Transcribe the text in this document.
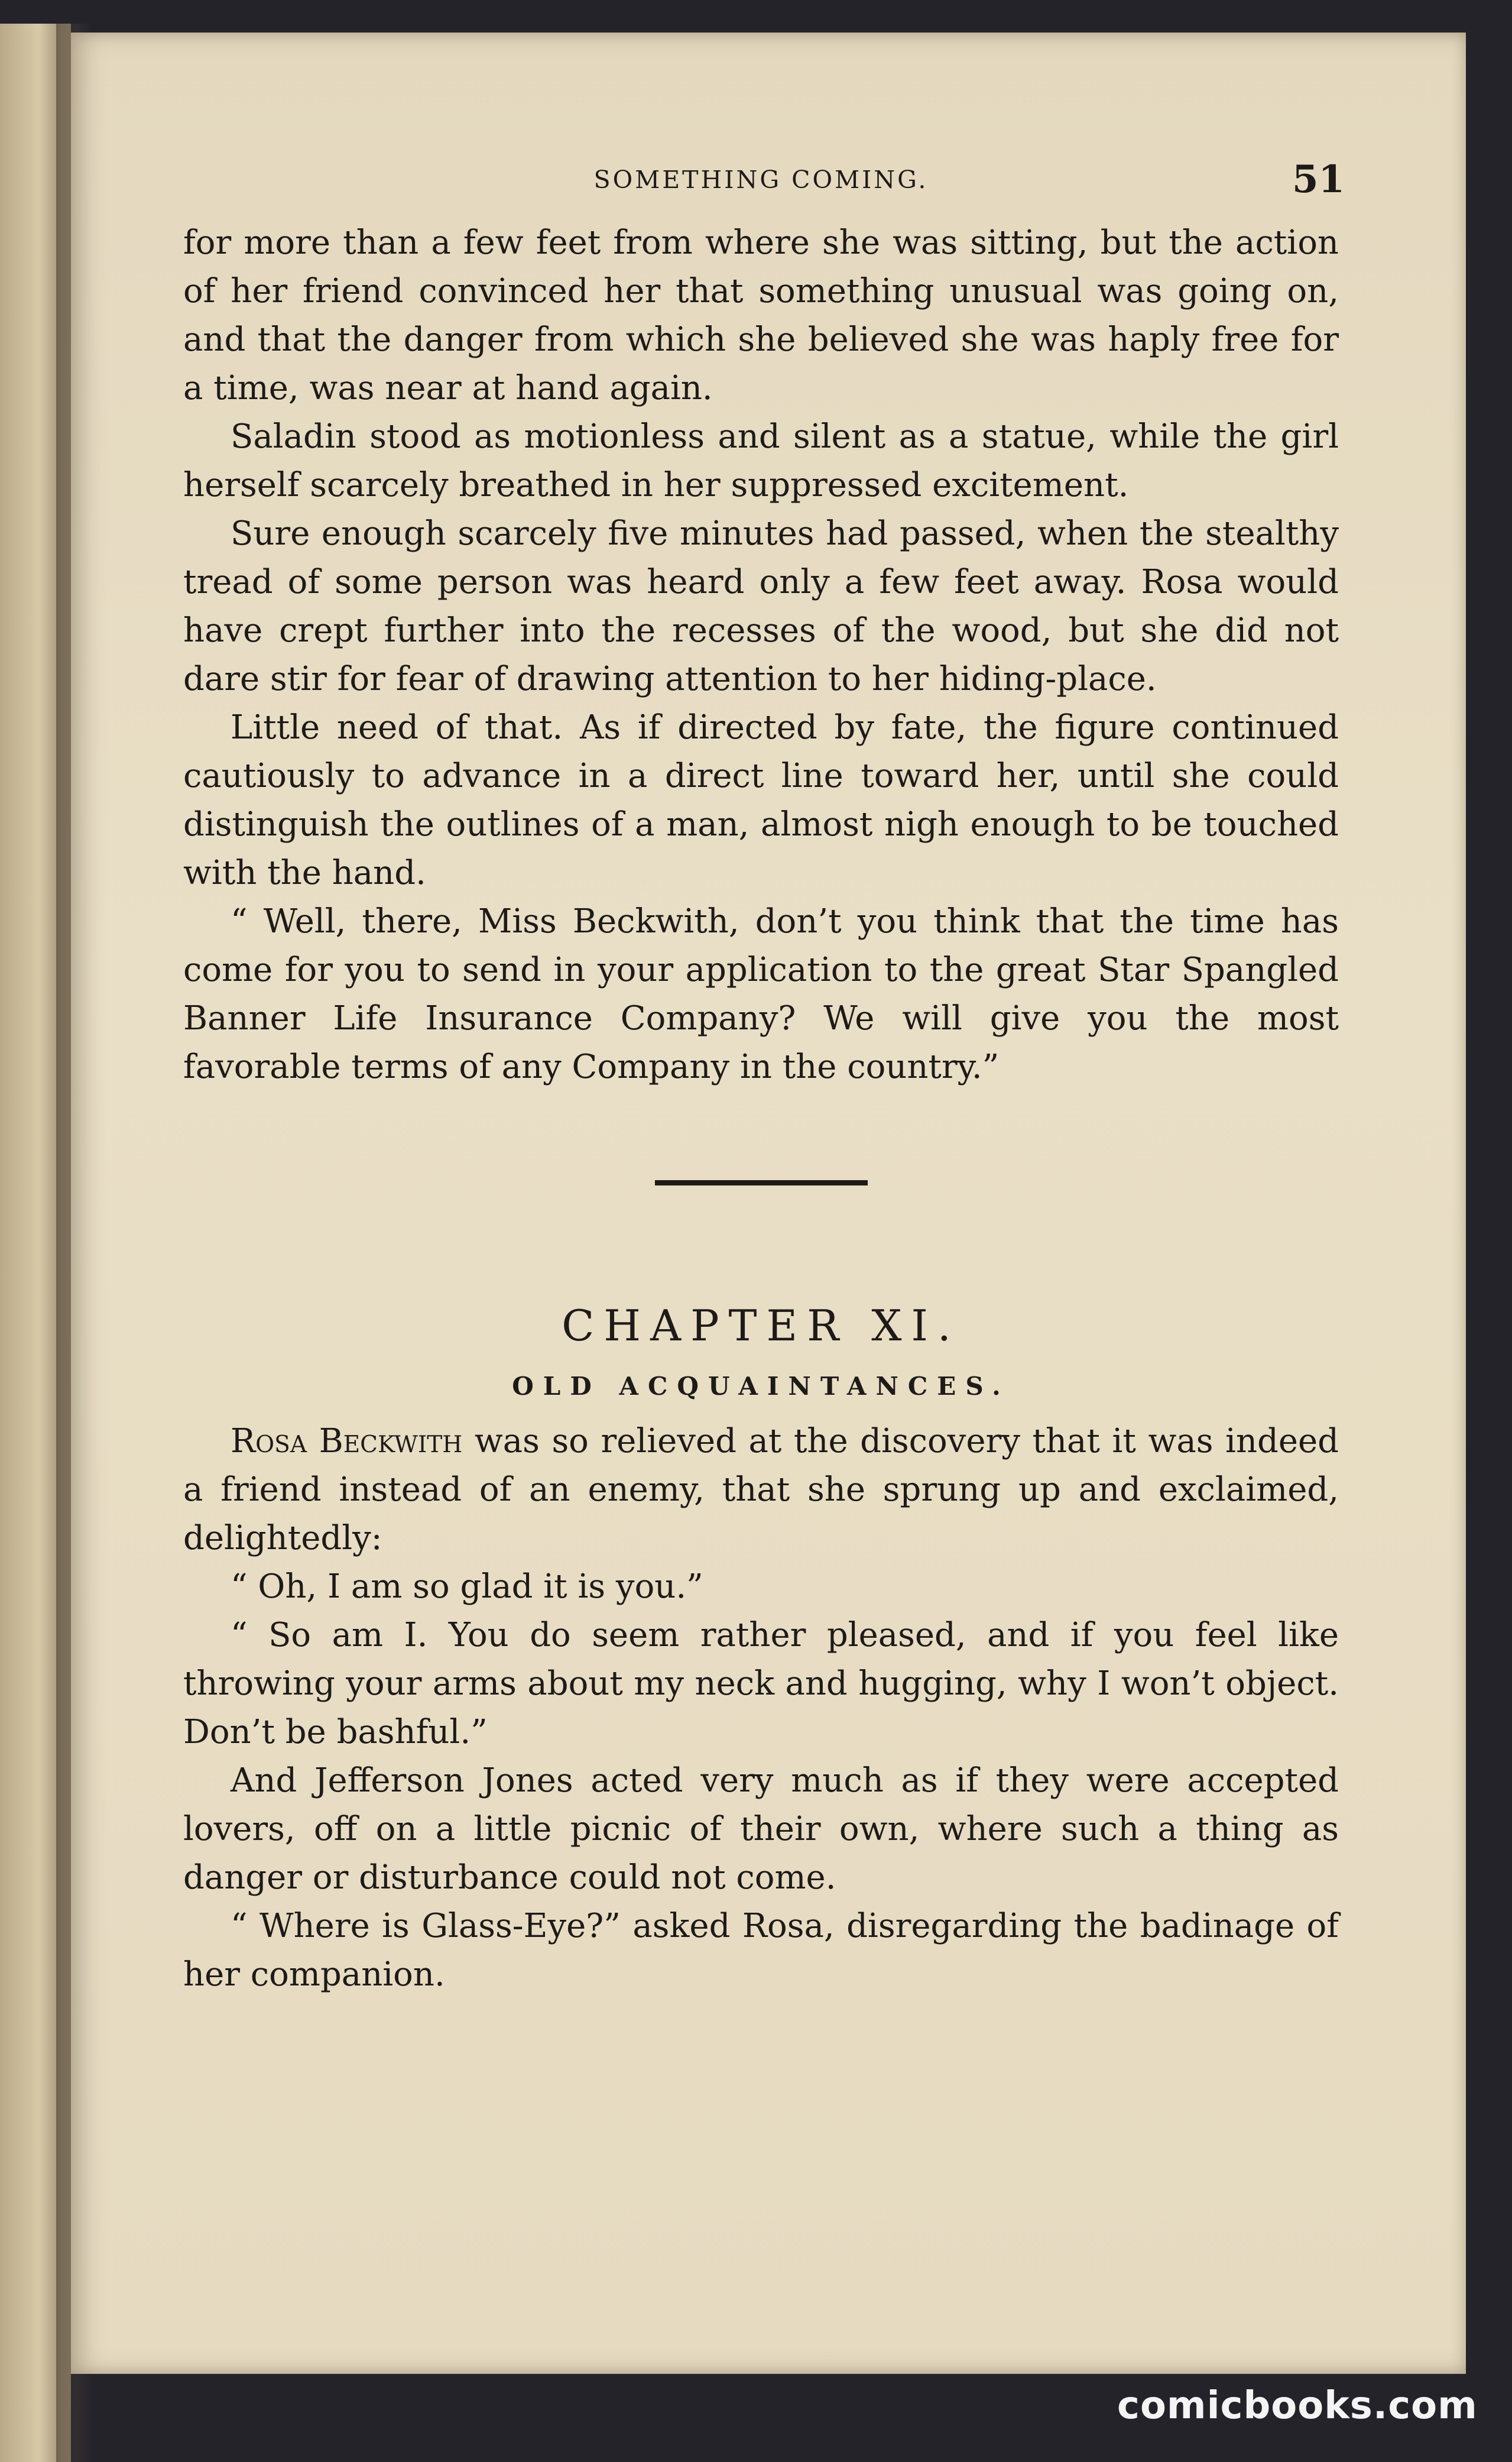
SOMETHING COMING.	51

for more than a few feet from where she was sitting, but the action of her friend convinced her that something unusual was going on, and that the danger from which she believed she was haply free for a time, was near at hand again.

Saladin stood as motionless and silent as a statue, while the girl herself scarcely breathed in her suppressed excitement.

Sure enough scarcely five minutes had passed, when the stealthy tread of some person was heard only a few feet away. Rosa would have crept further into the recesses of the wood, but she did not dare stir for fear of drawing attention to her hiding-place.

Little need of that. As if directed by fate, the figure continued cautiously to advance in a direct line toward her, until she could distinguish the outlines of a man, almost nigh enough to be touched with the hand.

“ Well, there, Miss Beckwith, don’t you think that the time has come for you to send in your application to the great Star Spangled Banner Life Insurance Company? We will give you the most favorable terms of any Company in the country.”

CHAPTER XI.
OLD ACQUAINTANCES.

Rosa Beckwith was so relieved at the discovery that it was indeed a friend instead of an enemy, that she sprung up and exclaimed, delightedly:

“ Oh, I am so glad it is you.”

“ So am I. You do seem rather pleased, and if you feel like throwing your arms about my neck and hugging, why I won’t object. Don’t be bashful.”

And Jefferson Jones acted very much as if they were accepted lovers, off on a little picnic of their own, where such a thing as danger or disturbance could not come.

“ Where is Glass-Eye?” asked Rosa, disregarding the badinage of her companion.

comicbooks.com
